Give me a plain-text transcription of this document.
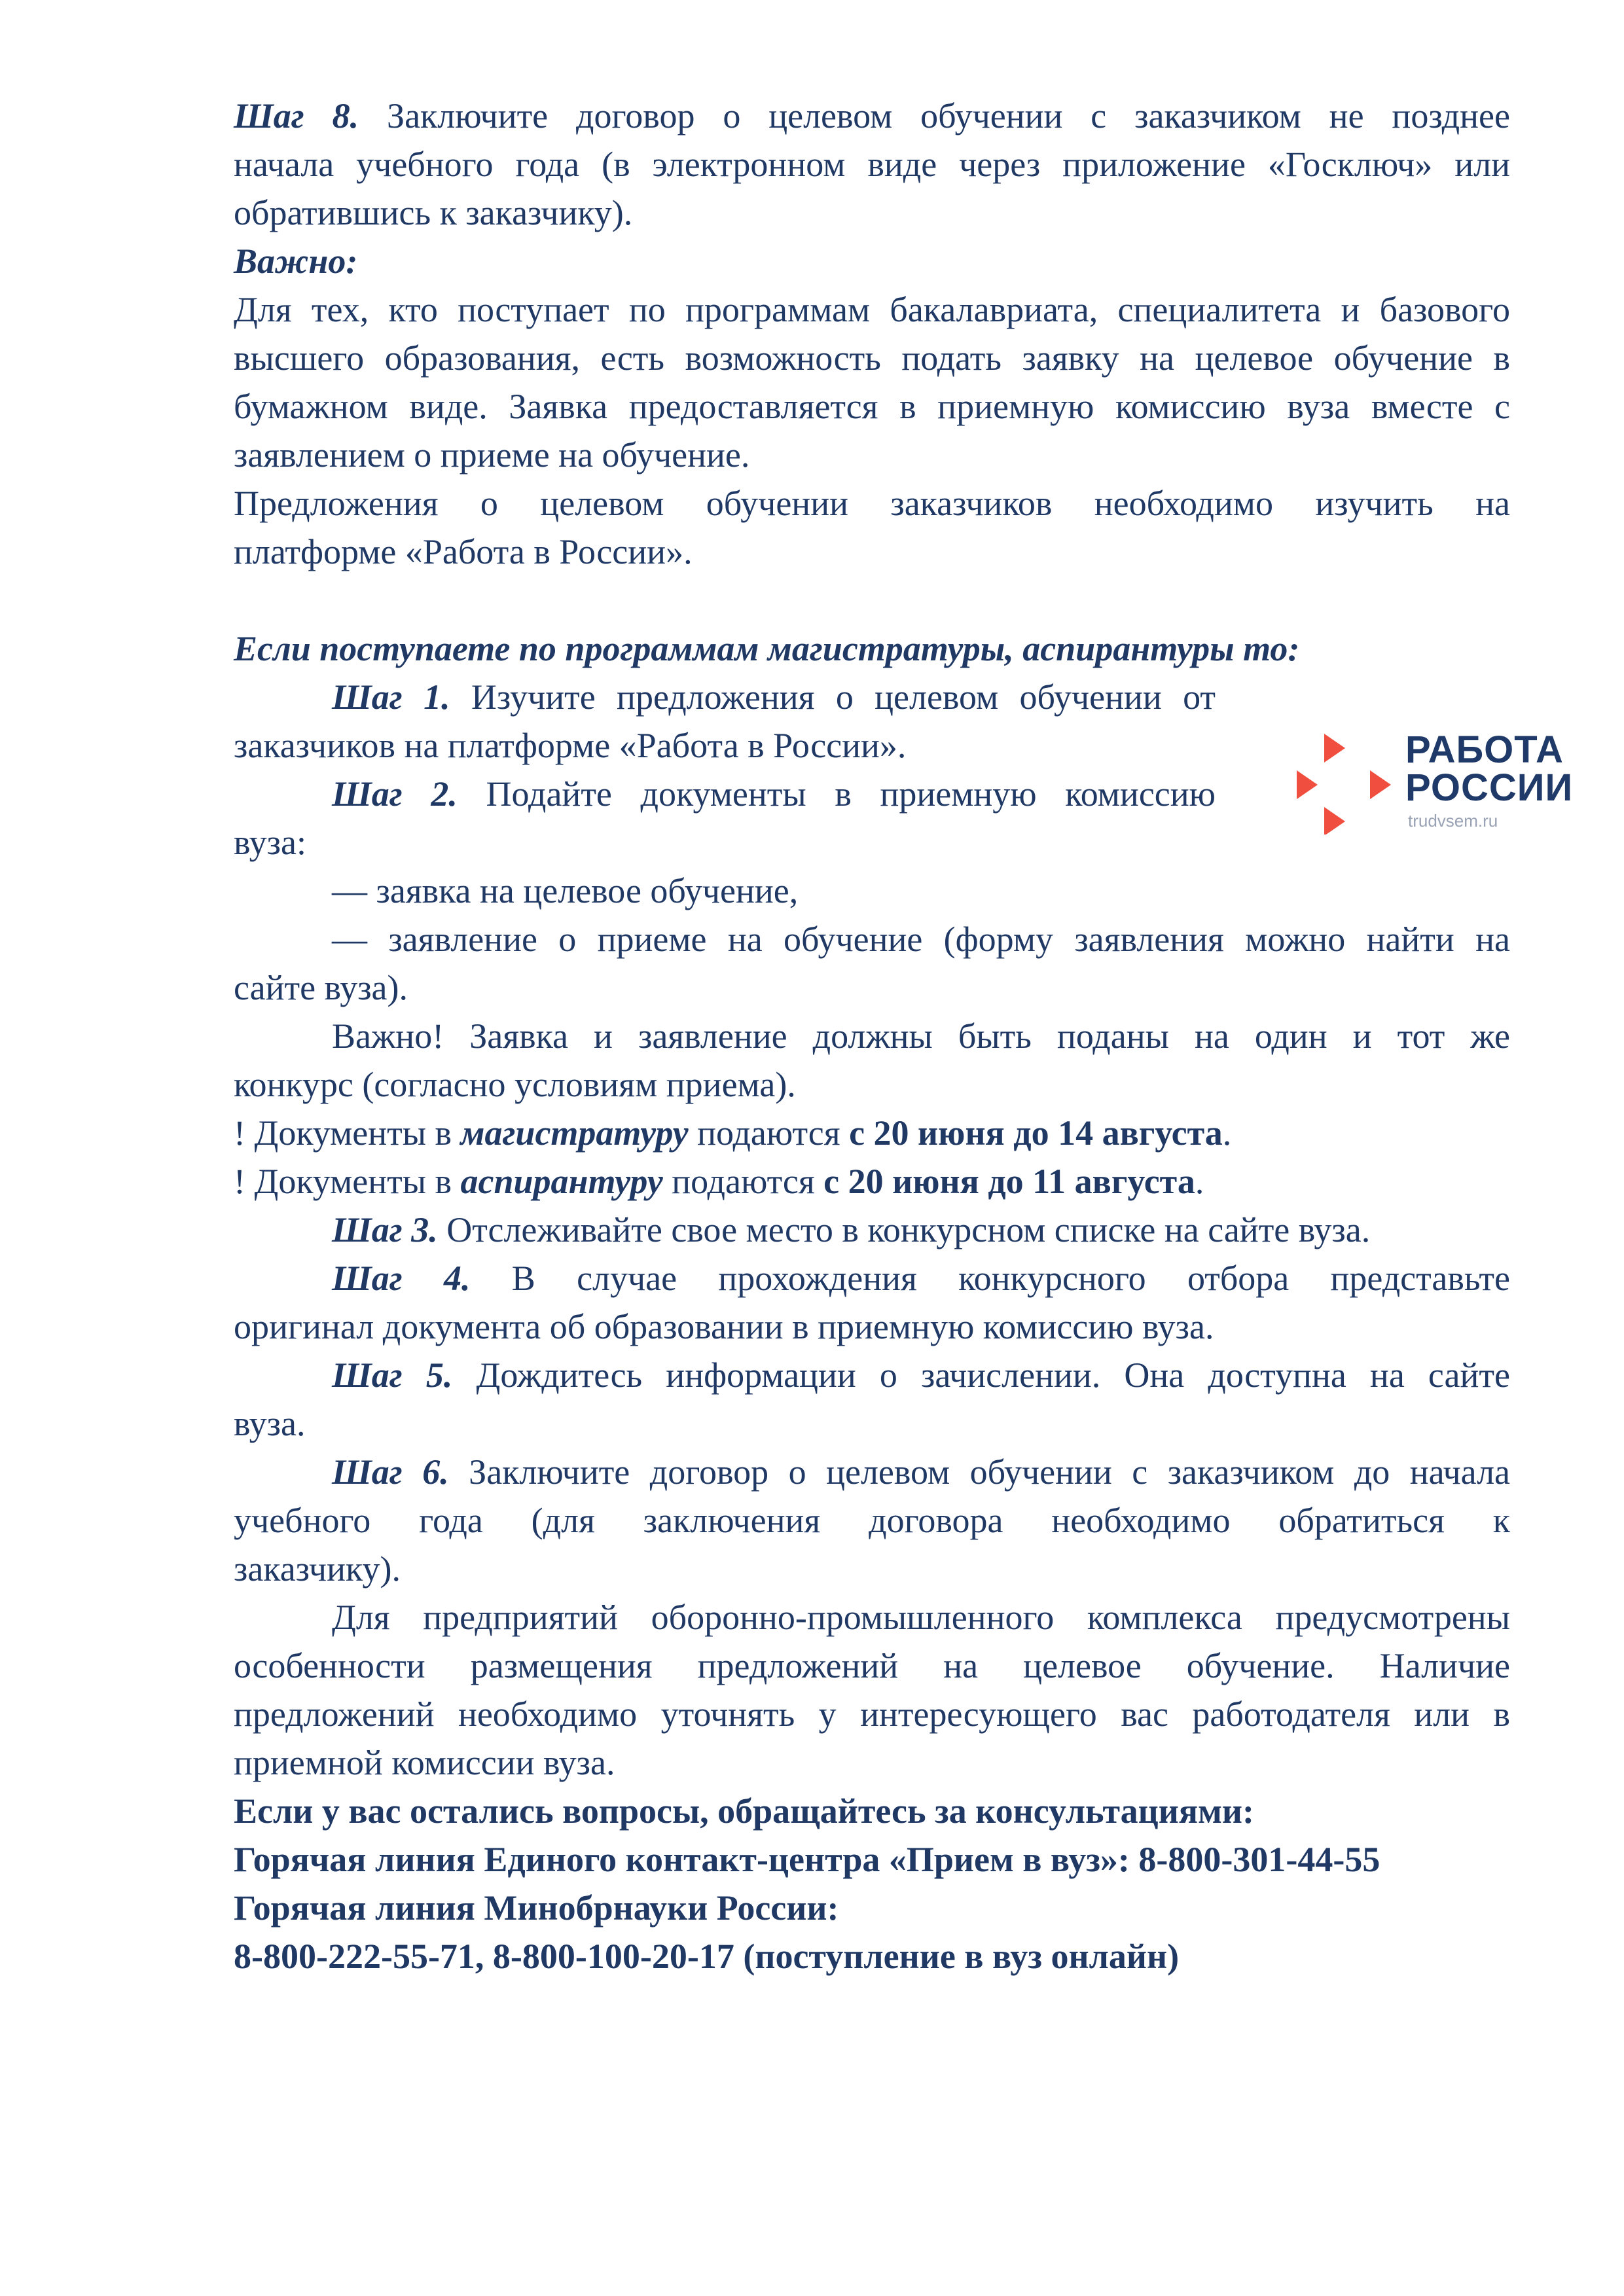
Шаг 8. Заключите договор о целевом обучении с заказчиком не позднее

начала учебного года (в электронном виде через приложение «Госключ» или

обратившись к заказчику).

Важно:

Для тех, кто поступает по программам бакалавриата, специалитета и базового

высшего образования, есть возможность подать заявку на целевое обучение в

бумажном виде. Заявка предоставляется в приемную комиссию вуза вместе с

заявлением о приеме на обучение.

Предложения о целевом обучении заказчиков необходимо изучить на

платформе «Работа в России».

Если поступаете по программам магистратуры, аспирантуры то:

Шаг 1. Изучите предложения о целевом обучении от

заказчиков на платформе «Работа в России».

Шаг 2. Подайте документы в приемную комиссию

вуза:

— заявка на целевое обучение,

— заявление о приеме на обучение (форму заявления можно найти на

сайте вуза).

Важно! Заявка и заявление должны быть поданы на один и тот же

конкурс (согласно условиям приема).

! Документы в магистратуру подаются с 20 июня до 14 августа.

! Документы в аспирантуру подаются с 20 июня до 11 августа.

Шаг 3. Отслеживайте свое место в конкурсном списке на сайте вуза.

Шаг 4. В случае прохождения конкурсного отбора представьте

оригинал документа об образовании в приемную комиссию вуза.

Шаг 5. Дождитесь информации о зачислении. Она доступна на сайте

вуза.

Шаг 6. Заключите договор о целевом обучении с заказчиком до начала

учебного года (для заключения договора необходимо обратиться к

заказчику).

Для предприятий оборонно-промышленного комплекса предусмотрены

особенности размещения предложений на целевое обучение. Наличие

предложений необходимо уточнять у интересующего вас работодателя или в

приемной комиссии вуза.

Если у вас остались вопросы, обращайтесь за консультациями:

Горячая линия Единого контакт-центра «Прием в вуз»: 8-800-301-44-55

Горячая линия Минобрнауки России:

8-800-222-55-71, 8-800-100-20-17 (поступление в вуз онлайн)

РАБОТА
РОССИИ
trudvsem.ru
